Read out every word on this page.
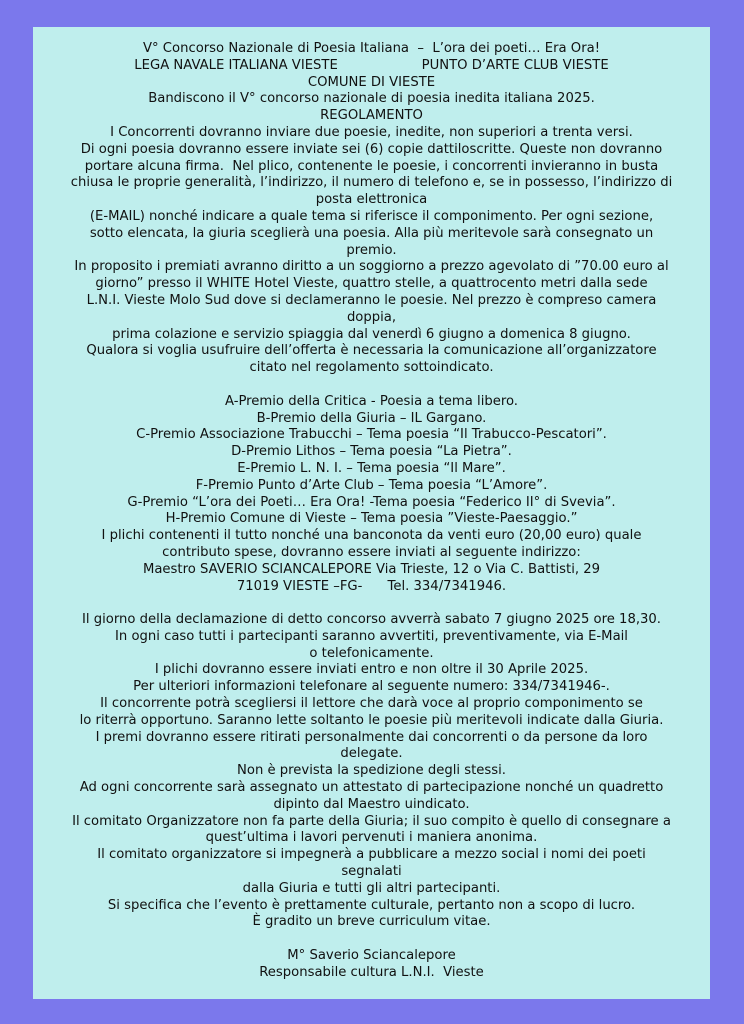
V° Concorso Nazionale di Poesia Italiana  –  L’ora dei poeti… Era Ora!
LEGA NAVALE ITALIANA VIESTE                    PUNTO D’ARTE CLUB VIESTE
COMUNE DI VIESTE
Bandiscono il V° concorso nazionale di poesia inedita italiana 2025.
REGOLAMENTO
I Concorrenti dovranno inviare due poesie, inedite, non superiori a trenta versi.
Di ogni poesia dovranno essere inviate sei (6) copie dattiloscritte. Queste non dovranno
portare alcuna firma.  Nel plico, contenente le poesie, i concorrenti invieranno in busta
chiusa le proprie generalità, l’indirizzo, il numero di telefono e, se in possesso, l’indirizzo di
posta elettronica
(E-MAIL) nonché indicare a quale tema si riferisce il componimento. Per ogni sezione,
sotto elencata, la giuria sceglierà una poesia. Alla più meritevole sarà consegnato un
premio.
In proposito i premiati avranno diritto a un soggiorno a prezzo agevolato di ”70.00 euro al
giorno” presso il WHITE Hotel Vieste, quattro stelle, a quattrocento metri dalla sede
L.N.I. Vieste Molo Sud dove si declameranno le poesie. Nel prezzo è compreso camera
doppia,
prima colazione e servizio spiaggia dal venerdì 6 giugno a domenica 8 giugno.
Qualora si voglia usufruire dell’offerta è necessaria la comunicazione all’organizzatore
citato nel regolamento sottoindicato.
A-Premio della Critica - Poesia a tema libero.
B-Premio della Giuria – IL Gargano.
C-Premio Associazione Trabucchi – Tema poesia “Il Trabucco-Pescatori”.
D-Premio Lithos – Tema poesia “La Pietra”.
E-Premio L. N. I. – Tema poesia “Il Mare”.
F-Premio Punto d’Arte Club – Tema poesia “L’Amore”.
G-Premio “L’ora dei Poeti… Era Ora! -Tema poesia “Federico II° di Svevia”.
H-Premio Comune di Vieste – Tema poesia ”Vieste-Paesaggio.”
I plichi contenenti il tutto nonché una banconota da venti euro (20,00 euro) quale
contributo spese, dovranno essere inviati al seguente indirizzo:
Maestro SAVERIO SCIANCALEPORE Via Trieste, 12 o Via C. Battisti, 29
71019 VIESTE –FG-      Tel. 334/7341946.
Il giorno della declamazione di detto concorso avverrà sabato 7 giugno 2025 ore 18,30.
In ogni caso tutti i partecipanti saranno avvertiti, preventivamente, via E-Mail
o telefonicamente.
I plichi dovranno essere inviati entro e non oltre il 30 Aprile 2025.
Per ulteriori informazioni telefonare al seguente numero: 334/7341946-.
Il concorrente potrà scegliersi il lettore che darà voce al proprio componimento se
lo riterrà opportuno. Saranno lette soltanto le poesie più meritevoli indicate dalla Giuria.
I premi dovranno essere ritirati personalmente dai concorrenti o da persone da loro
delegate.
Non è prevista la spedizione degli stessi.
Ad ogni concorrente sarà assegnato un attestato di partecipazione nonché un quadretto
dipinto dal Maestro uindicato.
Il comitato Organizzatore non fa parte della Giuria; il suo compito è quello di consegnare a
quest’ultima i lavori pervenuti i maniera anonima.
Il comitato organizzatore si impegnerà a pubblicare a mezzo social i nomi dei poeti
segnalati
dalla Giuria e tutti gli altri partecipanti.
Si specifica che l’evento è prettamente culturale, pertanto non a scopo di lucro.
È gradito un breve curriculum vitae.
M° Saverio Sciancalepore
Responsabile cultura L.N.I.  Vieste
